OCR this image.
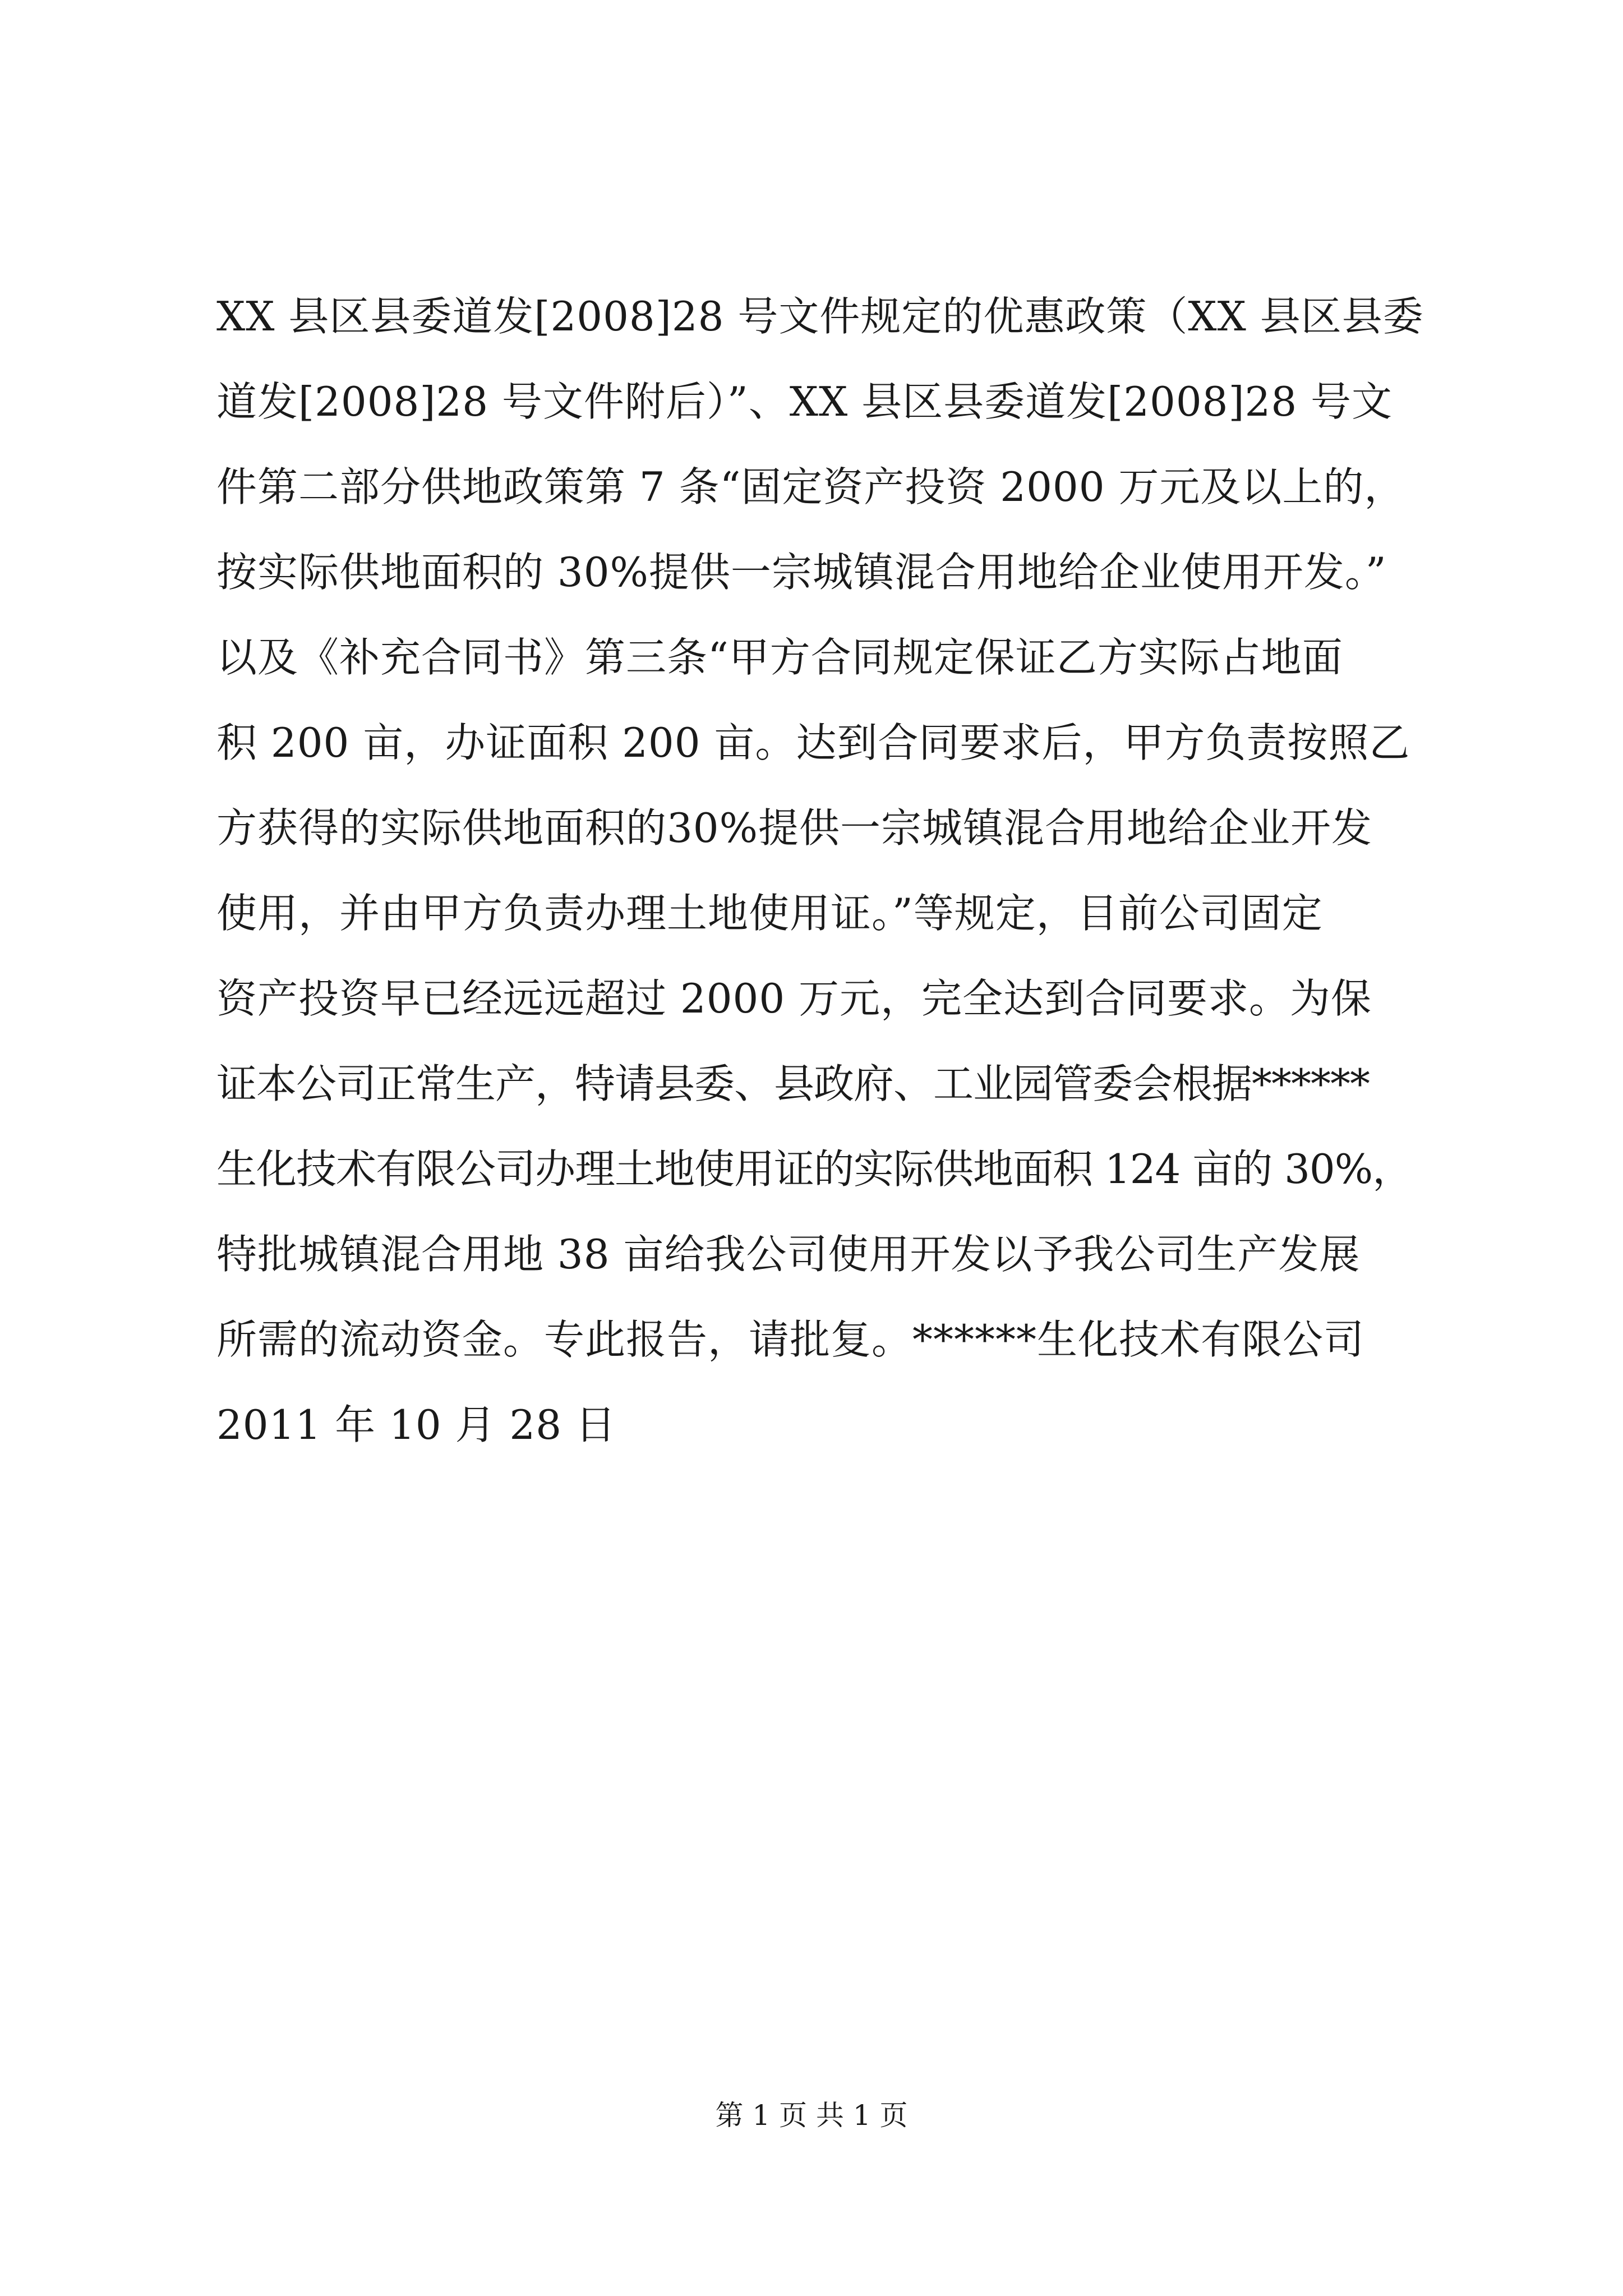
XX 县区县委道发[2008]28 号文件规定的优惠政策（XX 县区县委
道发[2008]28 号文件附后）”、XX 县区县委道发[2008]28 号文
件第二部分供地政策第 7 条“固定资产投资 2000 万元及以上的，
按实际供地面积的 30%提供一宗城镇混合用地给企业使用开发。”
以及《补充合同书》第三条“甲方合同规定保证乙方实际占地面
积 200 亩，办证面积 200 亩。达到合同要求后，甲方负责按照乙
方获得的实际供地面积的30%提供一宗城镇混合用地给企业开发
使用，并由甲方负责办理土地使用证。”等规定，目前公司固定
资产投资早已经远远超过 2000 万元，完全达到合同要求。为保
证本公司正常生产，特请县委、县政府、工业园管委会根据******
生化技术有限公司办理土地使用证的实际供地面积 124 亩的 30%，
特批城镇混合用地 38 亩给我公司使用开发以予我公司生产发展
所需的流动资金。专此报告，请批复。******生化技术有限公司
2011 年 10 月 28 日
第 1 页 共 1 页
